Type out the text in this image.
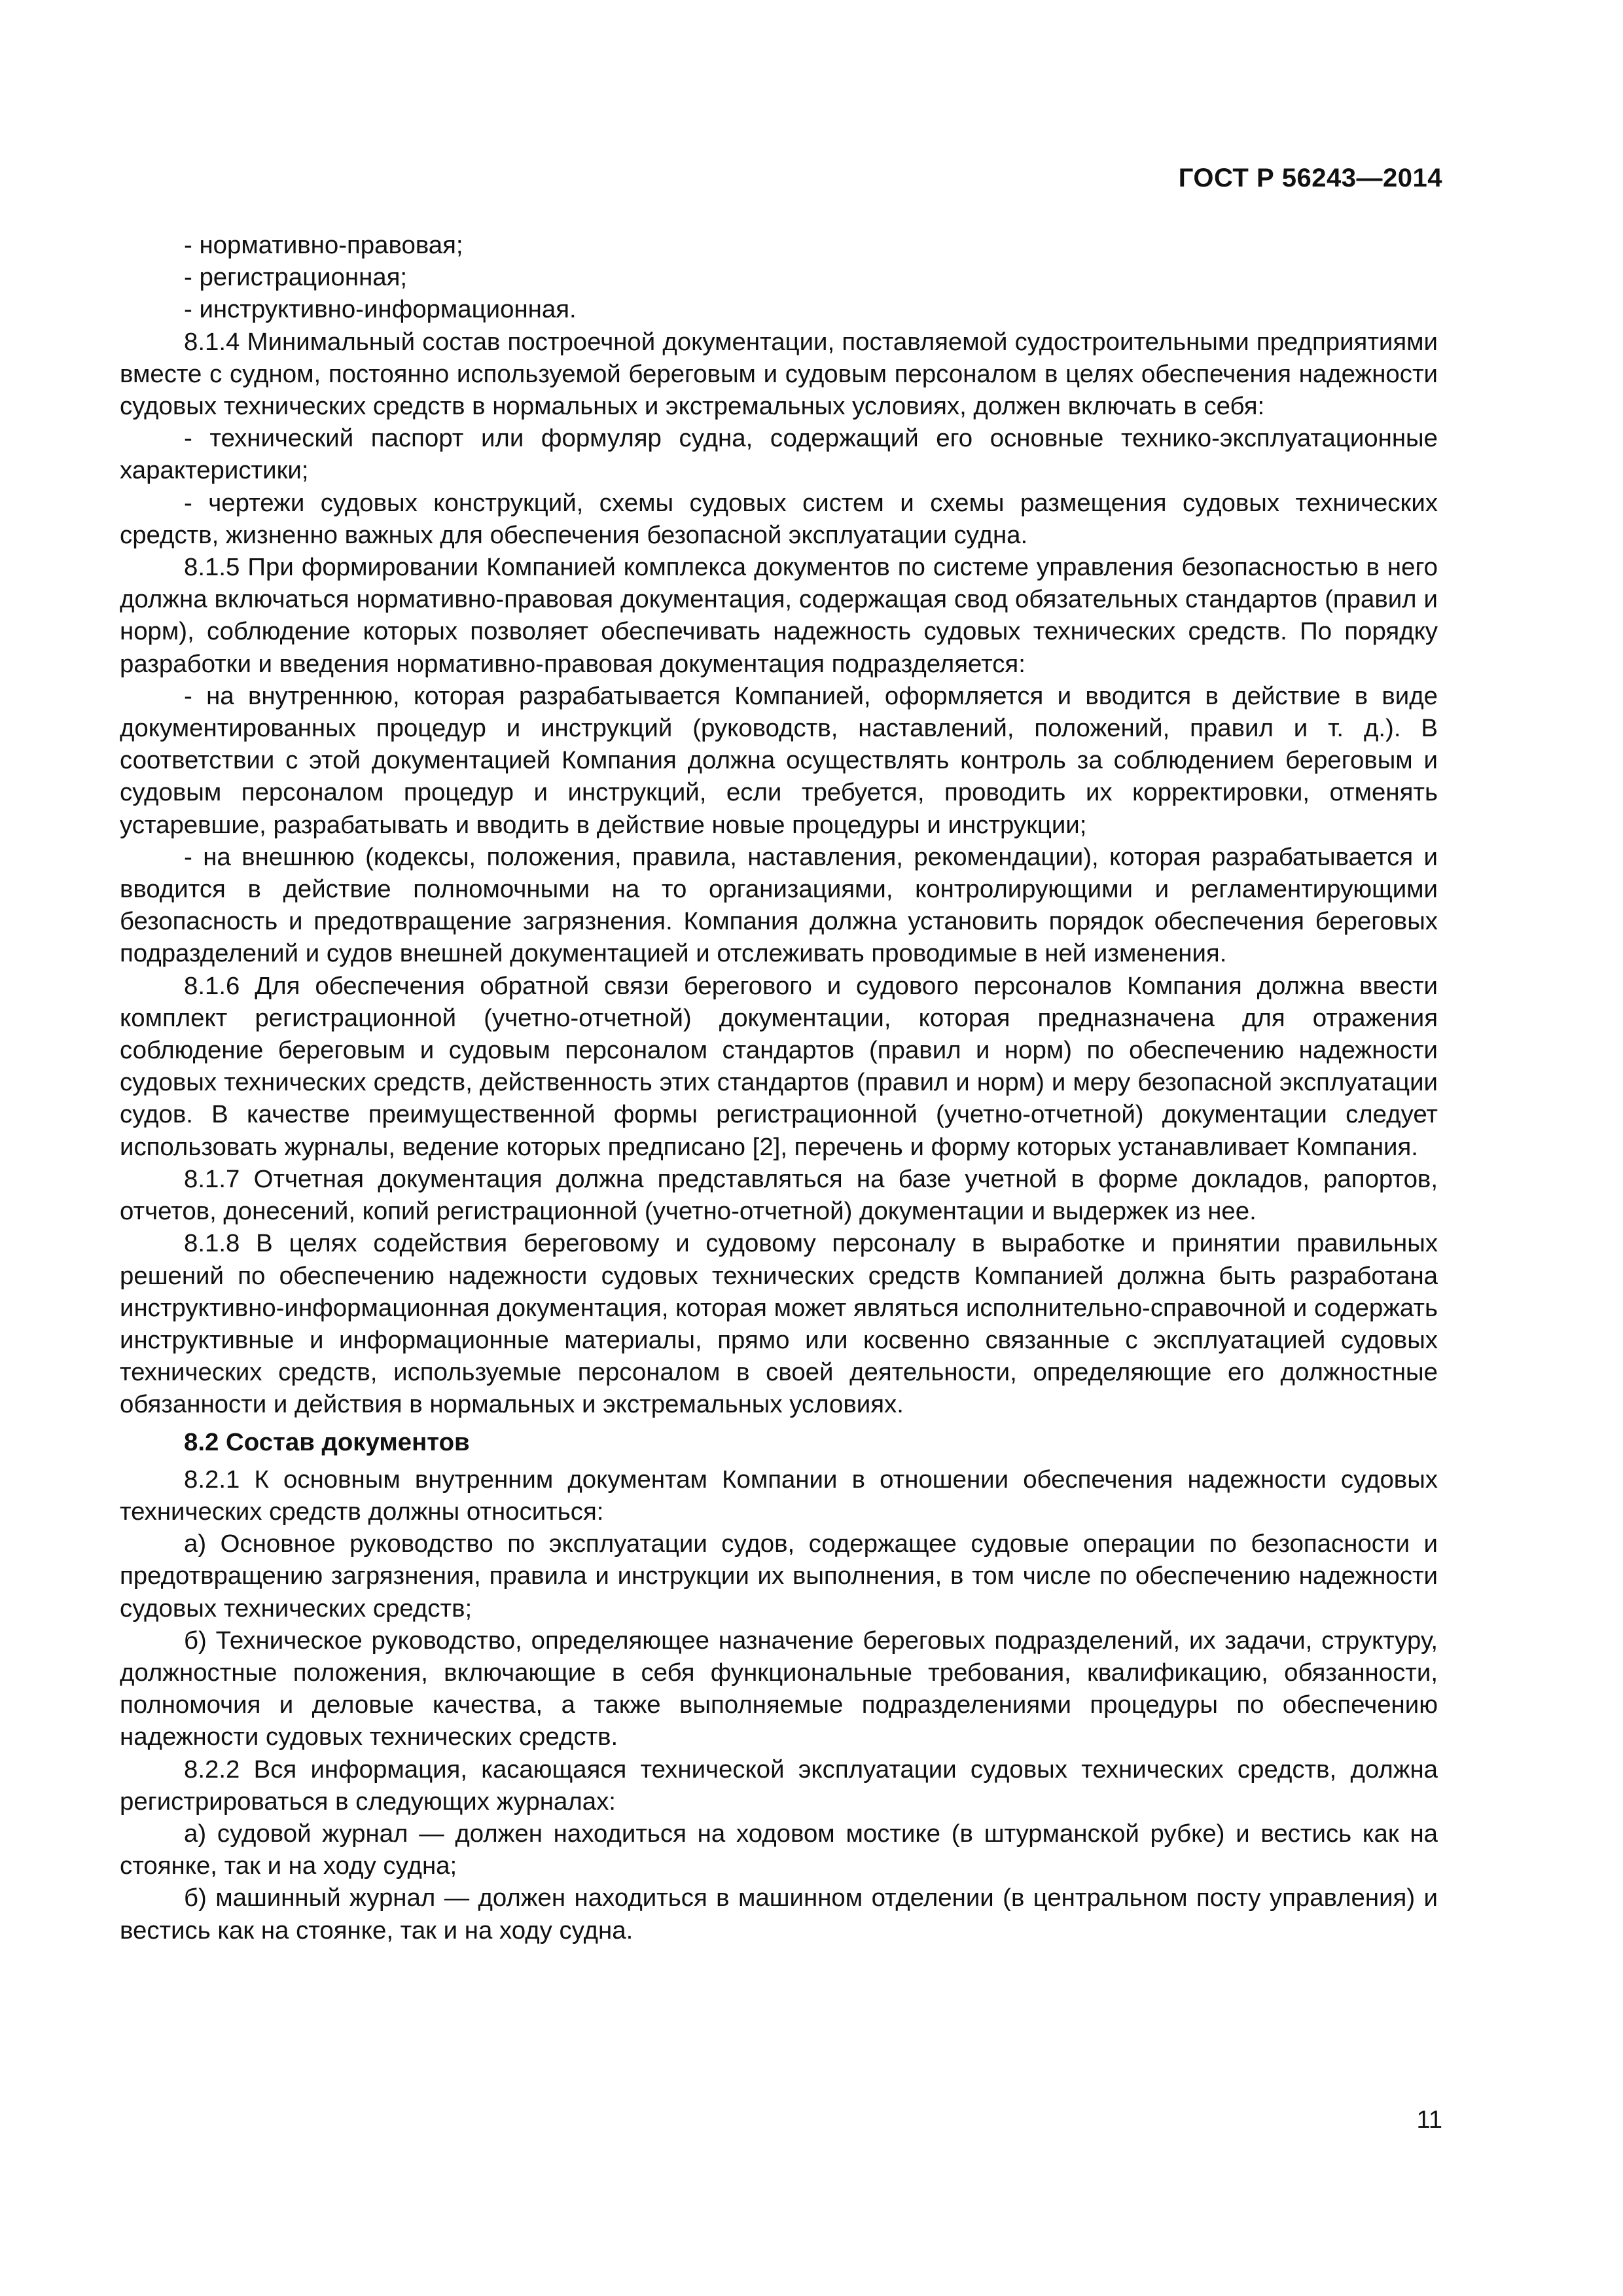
ГОСТ Р 56243—2014

- нормативно-правовая;

- регистрационная;

- инструктивно-информационная.

8.1.4 Минимальный состав построечной документации, поставляемой судостроительными предприятиями вместе с судном, постоянно используемой береговым и судовым персоналом в целях обеспечения надежности судовых технических средств в нормальных и экстремальных условиях, должен включать в себя:

- технический паспорт или формуляр судна, содержащий его основные технико-эксплуатационные характеристики;

- чертежи судовых конструкций, схемы судовых систем и схемы размещения судовых технических средств, жизненно важных для обеспечения безопасной эксплуатации судна.

8.1.5 При формировании Компанией комплекса документов по системе управления безопасностью в него должна включаться нормативно-правовая документация, содержащая свод обязательных стандартов (правил и норм), соблюдение которых позволяет обеспечивать надежность судовых технических средств. По порядку разработки и введения нормативно-правовая документация подразделяется:

- на внутреннюю, которая разрабатывается Компанией, оформляется и вводится в действие в виде документированных процедур и инструкций (руководств, наставлений, положений, правил и т. д.). В соответствии с этой документацией Компания должна осуществлять контроль за соблюдением береговым и судовым персоналом процедур и инструкций, если требуется, проводить их корректировки, отменять устаревшие, разрабатывать и вводить в действие новые процедуры и инструкции;

- на внешнюю (кодексы, положения, правила, наставления, рекомендации), которая разрабатывается и вводится в действие полномочными на то организациями, контролирующими и регламентирующими безопасность и предотвращение загрязнения. Компания должна установить порядок обеспечения береговых подразделений и судов внешней документацией и отслеживать проводимые в ней изменения.

8.1.6 Для обеспечения обратной связи берегового и судового персоналов Компания должна ввести комплект регистрационной (учетно-отчетной) документации, которая предназначена для отражения соблюдение береговым и судовым персоналом стандартов (правил и норм) по обеспечению надежности судовых технических средств, действенность этих стандартов (правил и норм) и меру безопасной эксплуатации судов. В качестве преимущественной формы регистрационной (учетно-отчетной) документации следует использовать журналы, ведение которых предписано [2], перечень и форму которых устанавливает Компания.

8.1.7 Отчетная документация должна представляться на базе учетной в форме докладов, рапортов, отчетов, донесений, копий регистрационной (учетно-отчетной) документации и выдержек из нее.

8.1.8 В целях содействия береговому и судовому персоналу в выработке и принятии правильных решений по обеспечению надежности судовых технических средств Компанией должна быть разработана инструктивно-информационная документация, которая может являться исполнительно-справочной и содержать инструктивные и информационные материалы, прямо или косвенно связанные с эксплуатацией судовых технических средств, используемые персоналом в своей деятельности, определяющие его должностные обязанности и действия в нормальных и экстремальных условиях.

8.2 Состав документов

8.2.1 К основным внутренним документам Компании в отношении обеспечения надежности судовых технических средств должны относиться:

а) Основное руководство по эксплуатации судов, содержащее судовые операции по безопасности и предотвращению загрязнения, правила и инструкции их выполнения, в том числе по обеспечению надежности судовых технических средств;

б) Техническое руководство, определяющее назначение береговых подразделений, их задачи, структуру, должностные положения, включающие в себя функциональные требования, квалификацию, обязанности, полномочия и деловые качества, а также выполняемые подразделениями процедуры по обеспечению надежности судовых технических средств.

8.2.2 Вся информация, касающаяся технической эксплуатации судовых технических средств, должна регистрироваться в следующих журналах:

а) судовой журнал — должен находиться на ходовом мостике (в штурманской рубке) и вестись как на стоянке, так и на ходу судна;

б) машинный журнал — должен находиться в машинном отделении (в центральном посту управления) и вестись как на стоянке, так и на ходу судна.

11
